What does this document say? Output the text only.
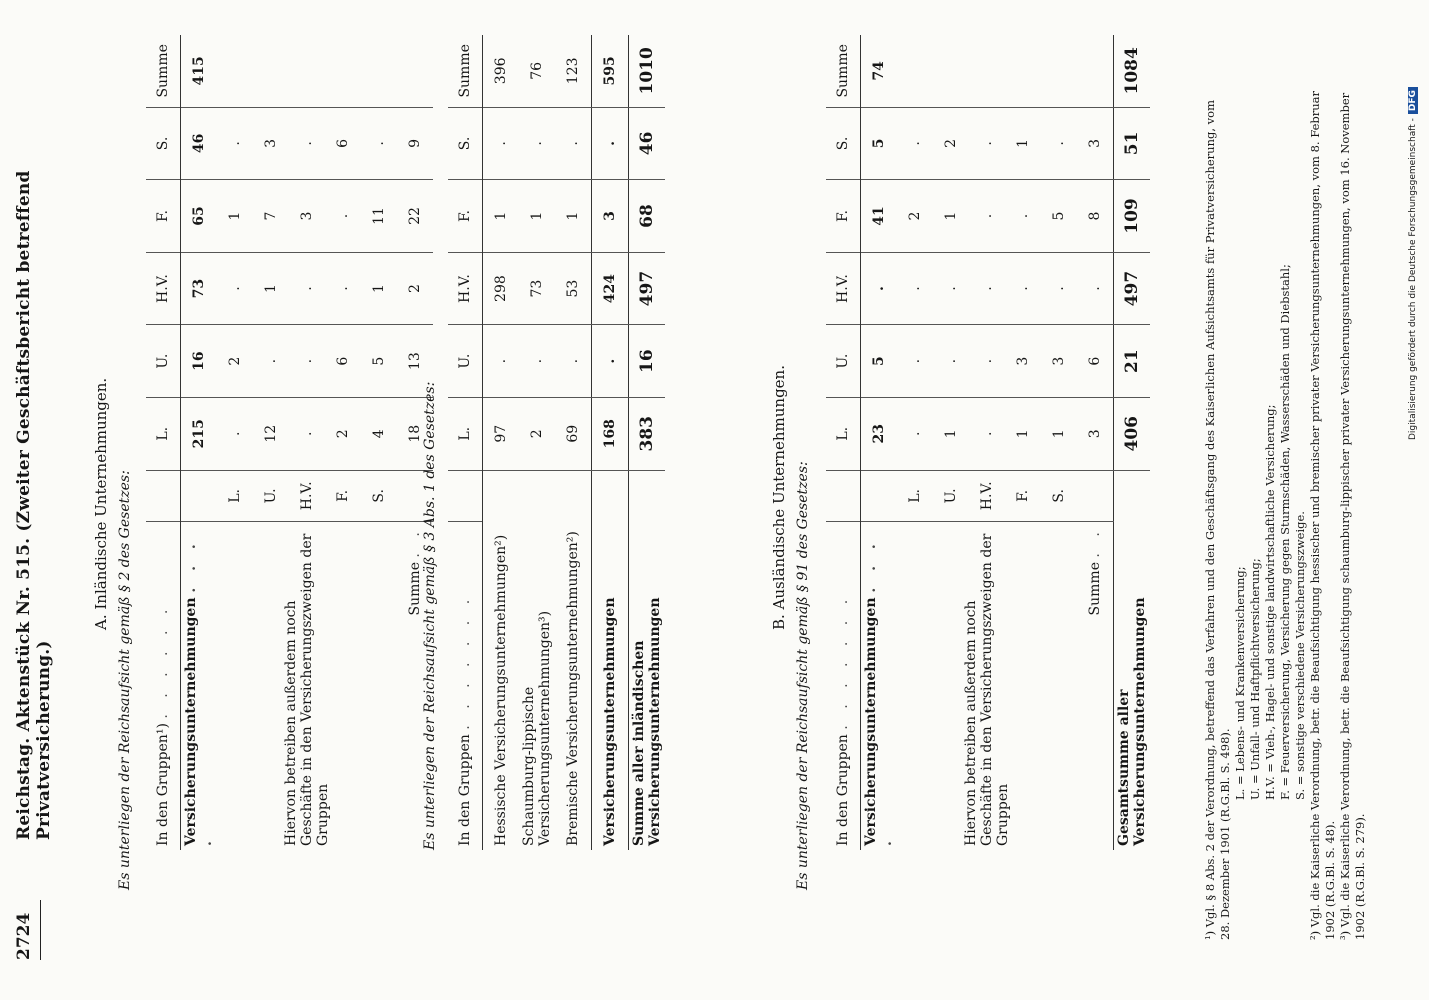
2724
Reichstag. Aktenstück Nr. 515. (Zweiter Geschäftsbericht betreffend Privatversicherung.)
A. Inländische Unternehmungen. Es unterliegen der Reichsaufsicht gemäß § 2 des Gesetzes: In den Gruppen¹) . . . . . .		L.	U.	H.V.	F.	S.	Summe
Versicherungsunternehmungen . . . .		215	16	73	65	46	415
Hiervon betreiben außerdem noch Geschäfte in den Versicherungszweigen der Gruppen	L.	.	2	.	1	.	
	U.	12	.	1	7	3	
	H.V.	.	.	.	3	.	
	F.	2	6	.	.	6	
	S.	4	5	1	11	.	
Summe . .		18	13	2	22	9	
Es unterliegen der Reichsaufsicht gemäß § 3 Abs. 1 des Gesetzes: In den Gruppen . . . . . . .		L.	U.	H.V.	F.	S.	Summe
Hessische Versicherungsunternehmungen²)		97	.	298	1	.	396
Schaumburg-lippische Versicherungsunternehmungen³)		2	.	73	1	.	76
Bremische Versicherungsunternehmungen²)		69	.	53	1	.	123
Versicherungsunternehmungen		168	.	424	3	.	595
Summe aller inländischen Versicherungsunternehmungen		383	16	497	68	46	1010
B. Ausländische Unternehmungen. Es unterliegen der Reichsaufsicht gemäß § 91 des Gesetzes: In den Gruppen . . . . . . .		L.	U.	H.V.	F.	S.	Summe
Versicherungsunternehmungen . . . .		23	5	.	41	5	74
Hiervon betreiben außerdem noch Geschäfte in den Versicherungszweigen der Gruppen	L.	.	.	.	2	.	
	U.	1	.	.	1	2	
	H.V.	.	.	.	.	.	
	F.	1	3	.	.	1	
	S.	1	3	.	5	.	
Summe . .		3	6	.	8	3	
Gesamtsumme aller Versicherungsunternehmungen		406	21	497	109	51	1084
¹) Vgl. § 8 Abs. 2 der Verordnung, betreffend das Verfahren und den Geschäftsgang des Kaiserlichen Aufsichtsamts für Privatversicherung, vom 28. Dezember 1901 (R.G.Bl. S. 498).
L. = Lebens- und Krankenversicherung; U. = Unfall- und Haftpflichtversicherung; H.V. = Vieh-, Hagel- und sonstige landwirtschaftliche Versicherung; F. = Feuerversicherung, Versicherung gegen Sturmschäden, Wasserschäden und Diebstahl; S. = sonstige verschiedene Versicherungszweige. ²) Vgl. die Kaiserliche Verordnung, betr. die Beaufsichtigung hessischer und bremischer privater Versicherungsunternehmungen, vom 8. Februar 1902 (R.G.Bl. S. 48). ³) Vgl. die Kaiserliche Verordnung, betr. die Beaufsichtigung schaumburg-lippischer privater Versicherungsunternehmungen, vom 16. November 1902 (R.G.Bl. S. 279).
Digitalisierung gefördert durch die Deutsche Forschungsgemeinschaft -DFG
